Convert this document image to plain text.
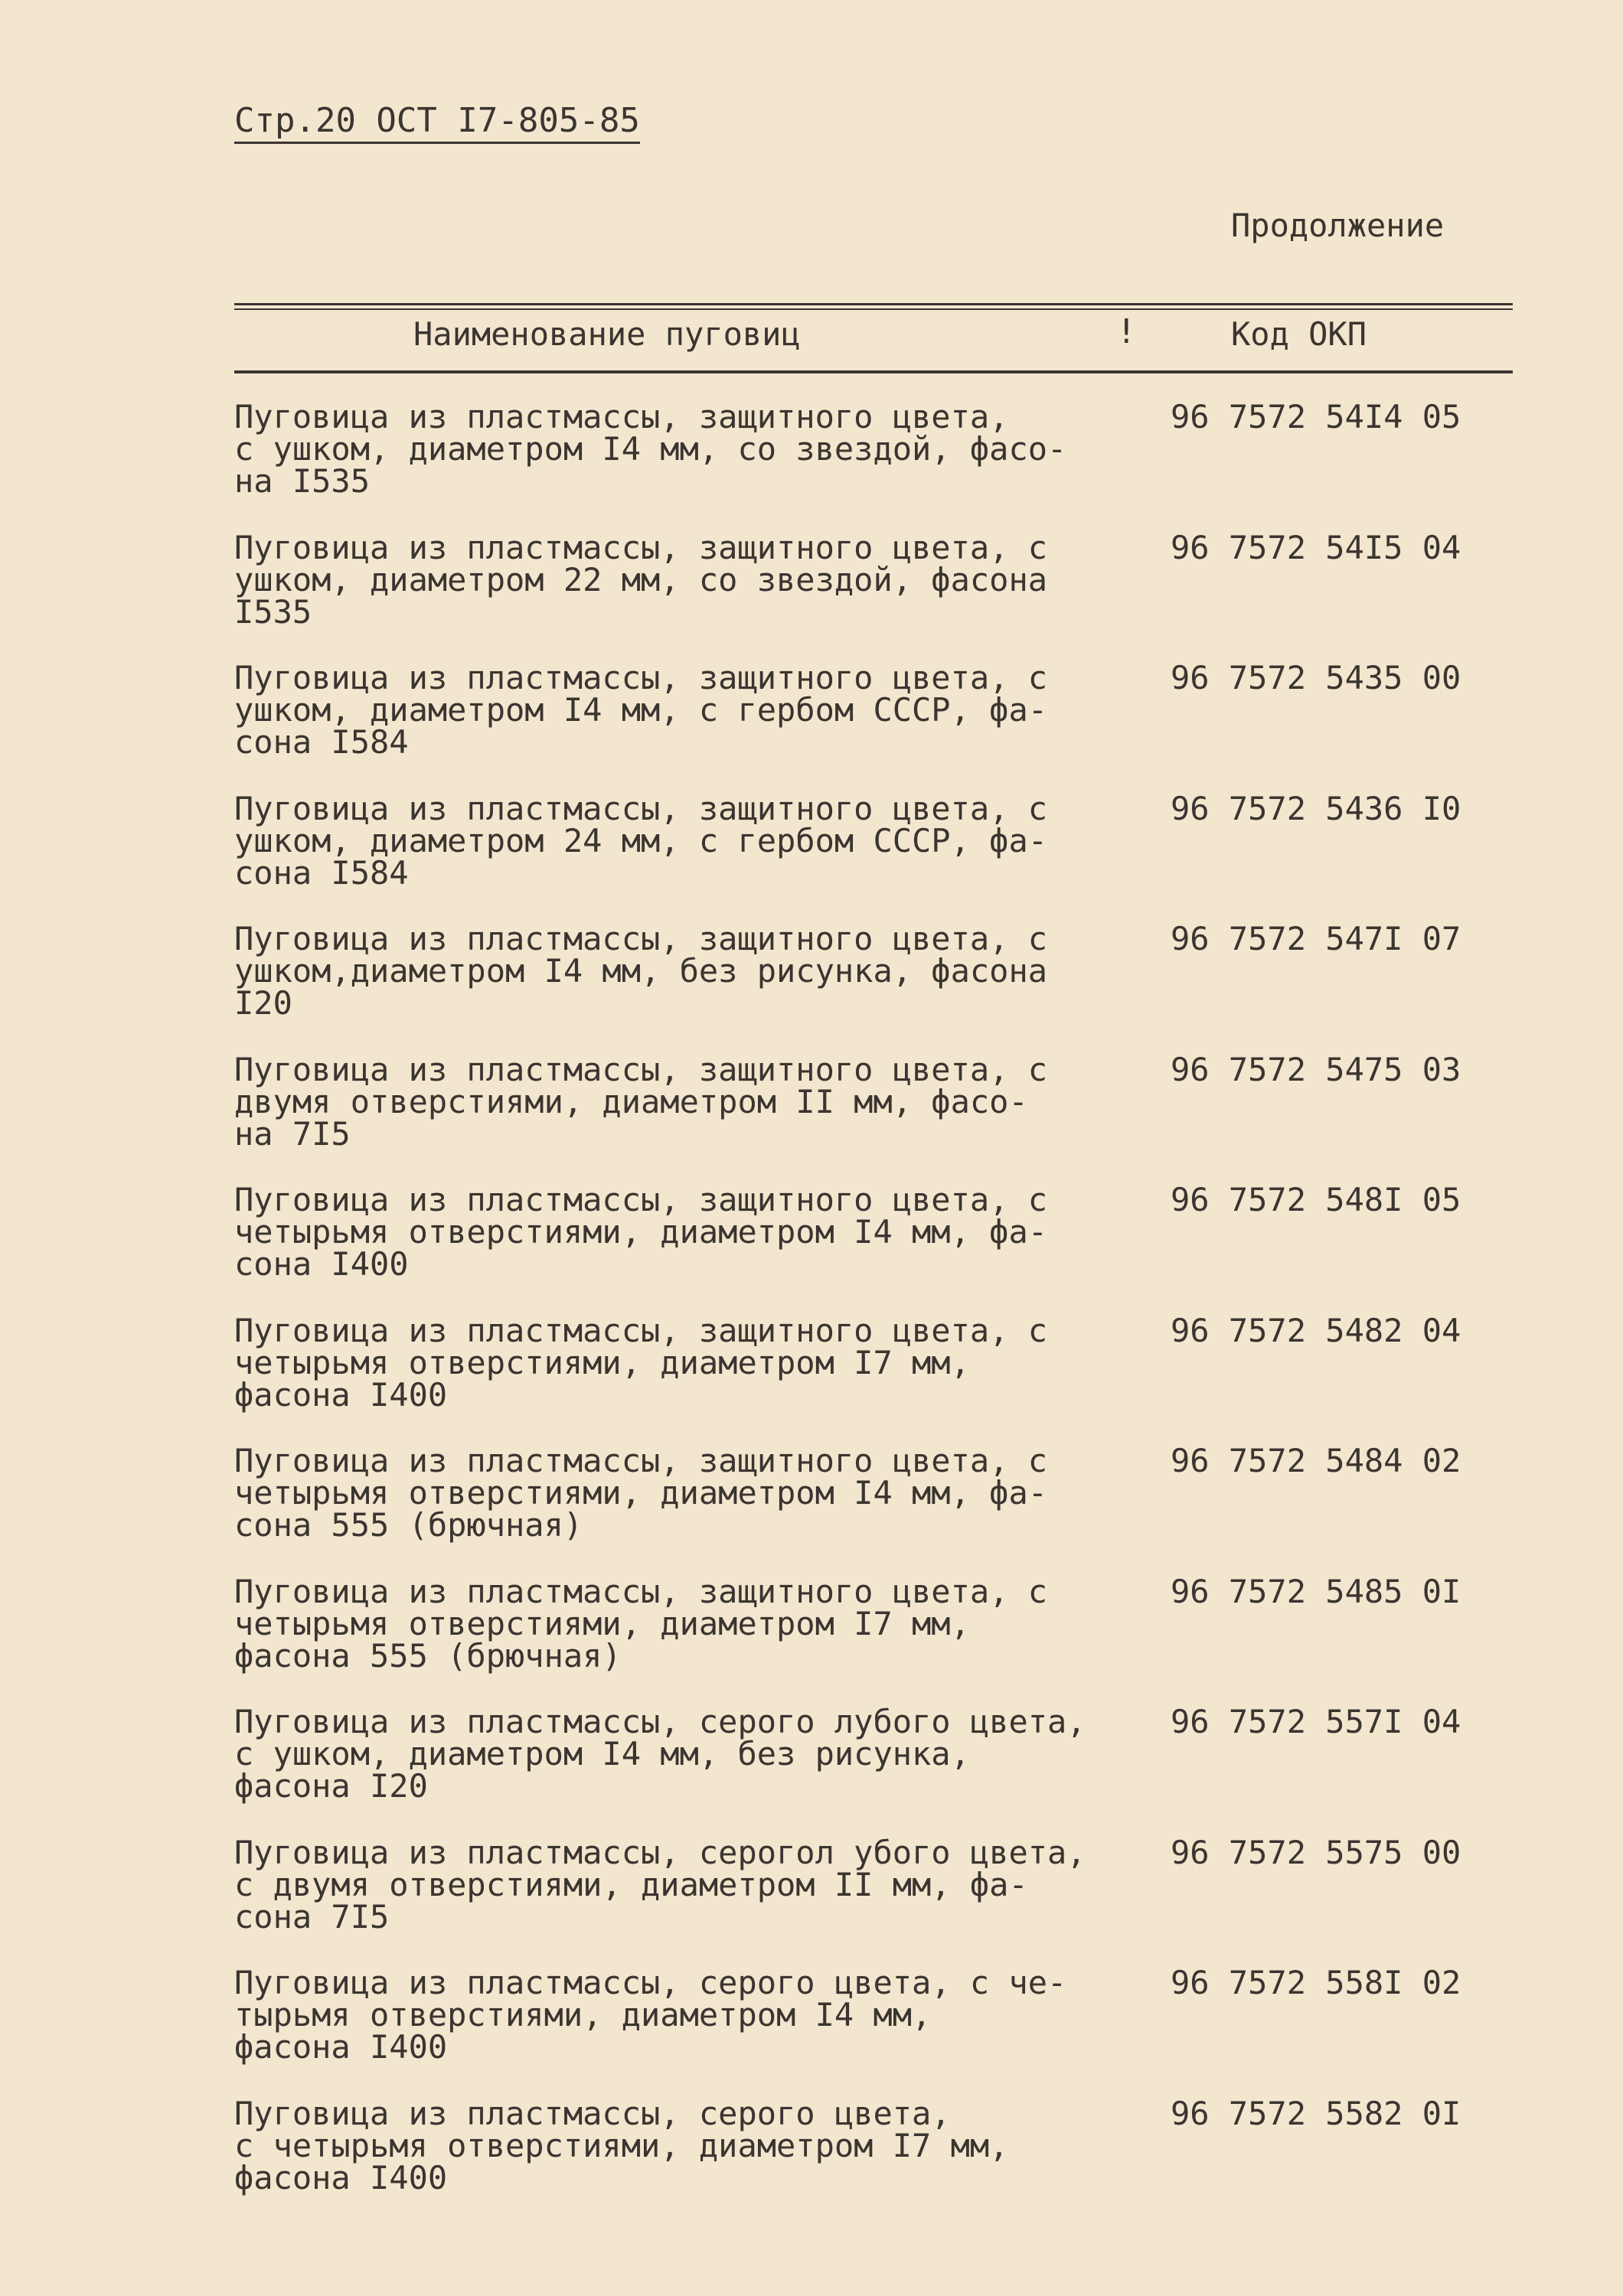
Стр.20 ОСТ I7-805-85
Продолжение
Наименование пуговиц	!	Код ОКП
Пуговица из пластмассы, защитного цвета,
с ушком, диаметром I4 мм, со звездой, фасо-
на I535
96 7572 54I4 05
Пуговица из пластмассы, защитного цвета, с
ушком, диаметром 22 мм, со звездой, фасона
I535
96 7572 54I5 04
Пуговица из пластмассы, защитного цвета, с
ушком, диаметром I4 мм, с гербом СССР, фа-
сона I584
96 7572 5435 00
Пуговица из пластмассы, защитного цвета, с
ушком, диаметром 24 мм, с гербом СССР, фа-
сона I584
96 7572 5436 I0
Пуговица из пластмассы, защитного цвета, с
ушком,диаметром I4 мм, без рисунка, фасона
I20
96 7572 547I 07
Пуговица из пластмассы, защитного цвета, с
двумя отверстиями, диаметром II мм, фасо-
на 7I5
96 7572 5475 03
Пуговица из пластмассы, защитного цвета, с
четырьмя отверстиями, диаметром I4 мм, фа-
сона I400
96 7572 548I 05
Пуговица из пластмассы, защитного цвета, с
четырьмя отверстиями, диаметром I7 мм,
фасона I400
96 7572 5482 04
Пуговица из пластмассы, защитного цвета, с
четырьмя отверстиями, диаметром I4 мм, фа-
сона 555 (брючная)
96 7572 5484 02
Пуговица из пластмассы, защитного цвета, с
четырьмя отверстиями, диаметром I7 мм,
фасона 555 (брючная)
96 7572 5485 0I
Пуговица из пластмассы, серого лубого цвета,
с ушком, диаметром I4 мм, без рисунка,
фасона I20
96 7572 557I 04
Пуговица из пластмассы, серогол убого цвета,
с двумя отверстиями, диаметром II мм, фа-
сона 7I5
96 7572 5575 00
Пуговица из пластмассы, серого цвета, с че-
тырьмя отверстиями, диаметром I4 мм,
фасона I400
96 7572 558I 02
Пуговица из пластмассы, серого цвета,
с четырьмя отверстиями, диаметром I7 мм,
фасона I400
96 7572 5582 0I
